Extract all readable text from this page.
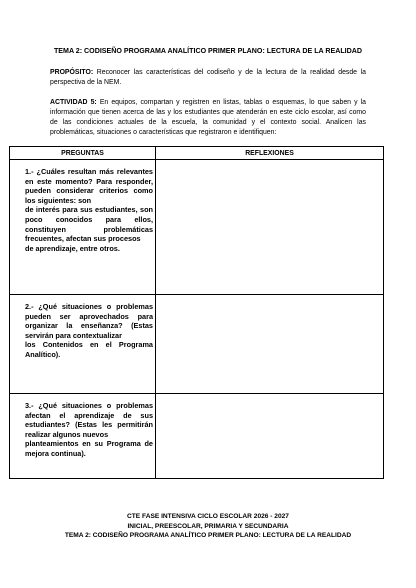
TEMA 2: CODISEÑO PROGRAMA ANALÍTICO PRIMER PLANO: LECTURA DE LA REALIDAD
PROPÓSITO: Reconocer las características del codiseño y de la lectura de la realidad desde la perspectiva de la NEM.
ACTIVIDAD 5: En equipos, compartan y registren en listas, tablas o esquemas, lo que saben y la información que tienen acerca de las y los estudiantes que atenderán en este ciclo escolar, así como de las condiciones actuales de la escuela, la comunidad y el contexto social. Analicen las problemáticas, situaciones o características que registraron e identifiquen:
PREGUNTAS	REFLEXIONES

1.- ¿Cuáles resultan más relevantes en este momento? Para responder, pueden considerar criterios como los siguientes: son
de interés para sus estudiantes, son poco conocidos para ellos, constituyen problemáticas frecuentes, afectan sus procesos
de aprendizaje, entre otros.	

2.- ¿Qué situaciones o problemas pueden ser aprovechados para organizar la enseñanza? (Estas servirán para contextualizar
los Contenidos en el Programa Analítico).	

3.- ¿Qué situaciones o problemas afectan el aprendizaje de sus estudiantes? (Estas les permitirán realizar algunos nuevos
planteamientos en su Programa de mejora continua).	

CTE FASE INTENSIVA CICLO ESCOLAR 2026 - 2027
INICIAL, PREESCOLAR, PRIMARIA Y SECUNDARIA
TEMA 2: CODISEÑO PROGRAMA ANALÍTICO PRIMER PLANO: LECTURA DE LA REALIDAD
